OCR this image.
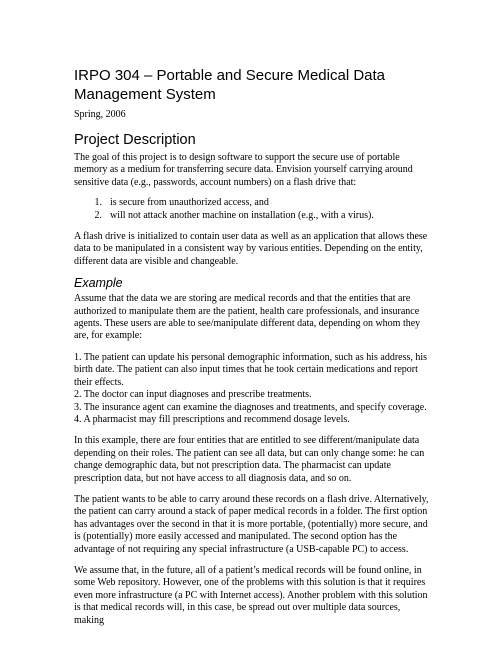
IRPO 304 – Portable and Secure Medical Data Management System
Spring, 2006
Project Description

The goal of this project is to design software to support the secure use of portable memory as a medium for transferring secure data. Envision yourself carrying around sensitive data (e.g., passwords, account numbers) on a flash drive that:

1. is secure from unauthorized access, and
2. will not attack another machine on installation (e.g., with a virus).

A flash drive is initialized to contain user data as well as an application that allows these data to be manipulated in a consistent way by various entities. Depending on the entity, different data are visible and changeable.

Example

Assume that the data we are storing are medical records and that the entities that are authorized to manipulate them are the patient, health care professionals, and insurance agents. These users are able to see/manipulate different data, depending on whom they are, for example:

1. The patient can update his personal demographic information, such as his address, his birth date. The patient can also input times that he took certain medications and report their effects.

2. The doctor can input diagnoses and prescribe treatments.

3. The insurance agent can examine the diagnoses and treatments, and specify coverage.

4. A pharmacist may fill prescriptions and recommend dosage levels.

In this example, there are four entities that are entitled to see different/manipulate data depending on their roles. The patient can see all data, but can only change some: he can change demographic data, but not prescription data. The pharmacist can update prescription data, but not have access to all diagnosis data, and so on.

The patient wants to be able to carry around these records on a flash drive. Alternatively, the patient can carry around a stack of paper medical records in a folder. The first option has advantages over the second in that it is more portable, (potentially) more secure, and is (potentially) more easily accessed and manipulated. The second option has the advantage of not requiring any special infrastructure (a USB-capable PC) to access.

We assume that, in the future, all of a patient’s medical records will be found online, in some Web repository. However, one of the problems with this solution is that it requires even more infrastructure (a PC with Internet access). Another problem with this solution is that medical records will, in this case, be spread out over multiple data sources, making
